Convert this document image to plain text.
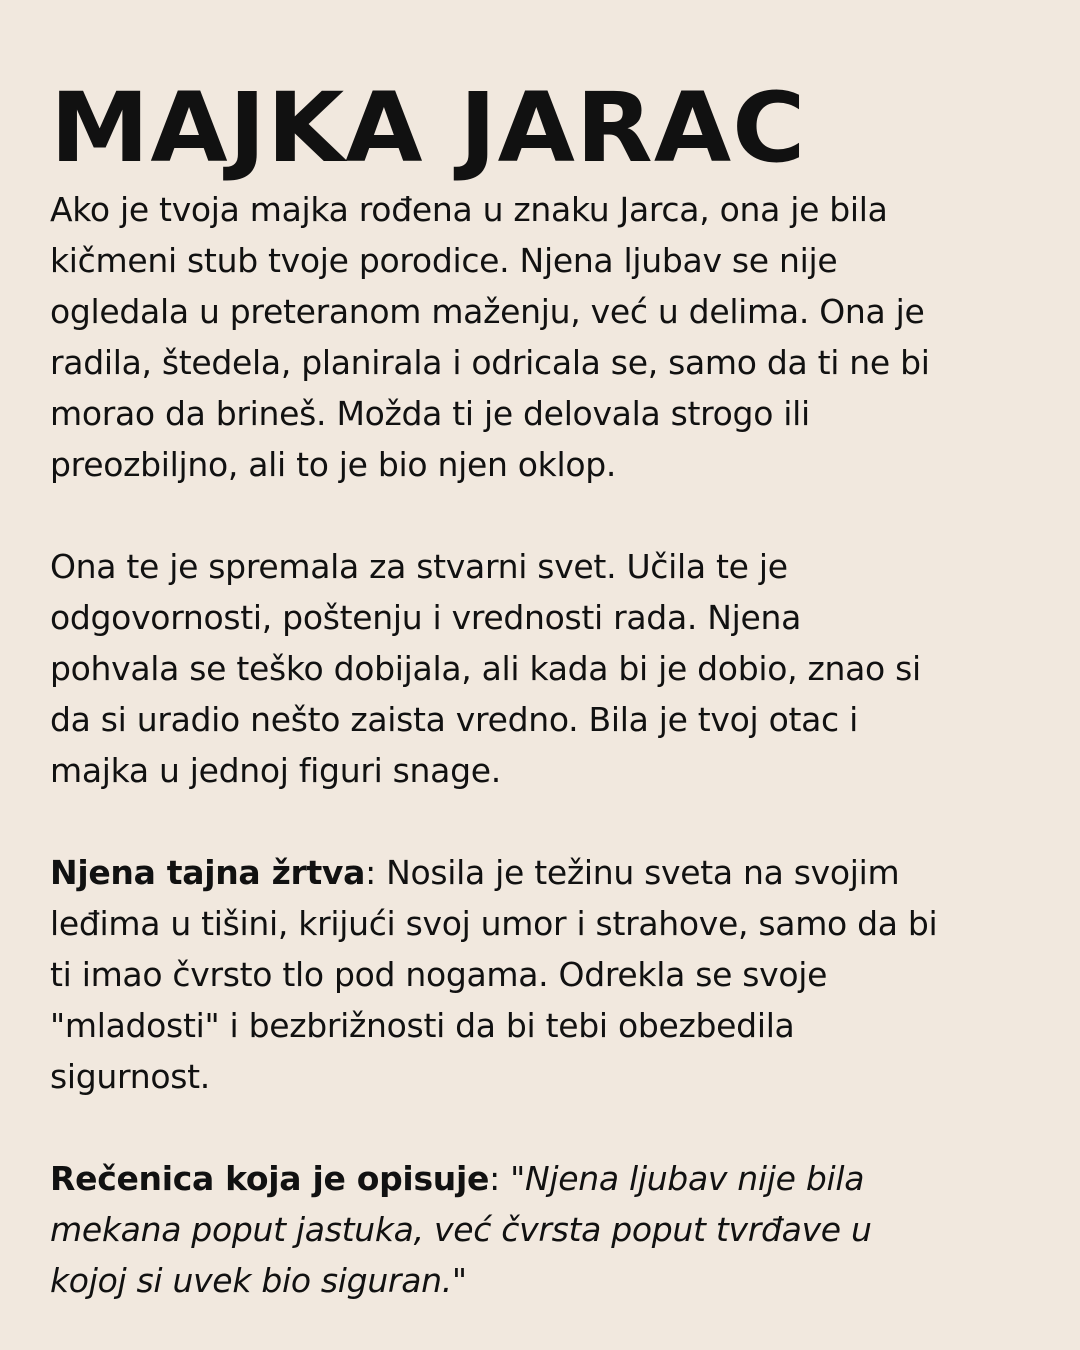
MAJKA JARAC

Ako je tvoja majka rođena u znaku Jarca, ona je bila
kičmeni stub tvoje porodice. Njena ljubav se nije
ogledala u preteranom maženju, već u delima. Ona je
radila, štedela, planirala i odricala se, samo da ti ne bi
morao da brineš. Možda ti je delovala strogo ili
preozbiljno, ali to je bio njen oklop.

Ona te je spremala za stvarni svet. Učila te je
odgovornosti, poštenju i vrednosti rada. Njena
pohvala se teško dobijala, ali kada bi je dobio, znao si
da si uradio nešto zaista vredno. Bila je tvoj otac i
majka u jednoj figuri snage.

Njena tajna žrtva: Nosila je težinu sveta na svojim
leđima u tišini, krijući svoj umor i strahove, samo da bi
ti imao čvrsto tlo pod nogama. Odrekla se svoje
"mladosti" i bezbrižnosti da bi tebi obezbedila
sigurnost.

Rečenica koja je opisuje: "Njena ljubav nije bila
mekana poput jastuka, već čvrsta poput tvrđave u
kojoj si uvek bio siguran."
